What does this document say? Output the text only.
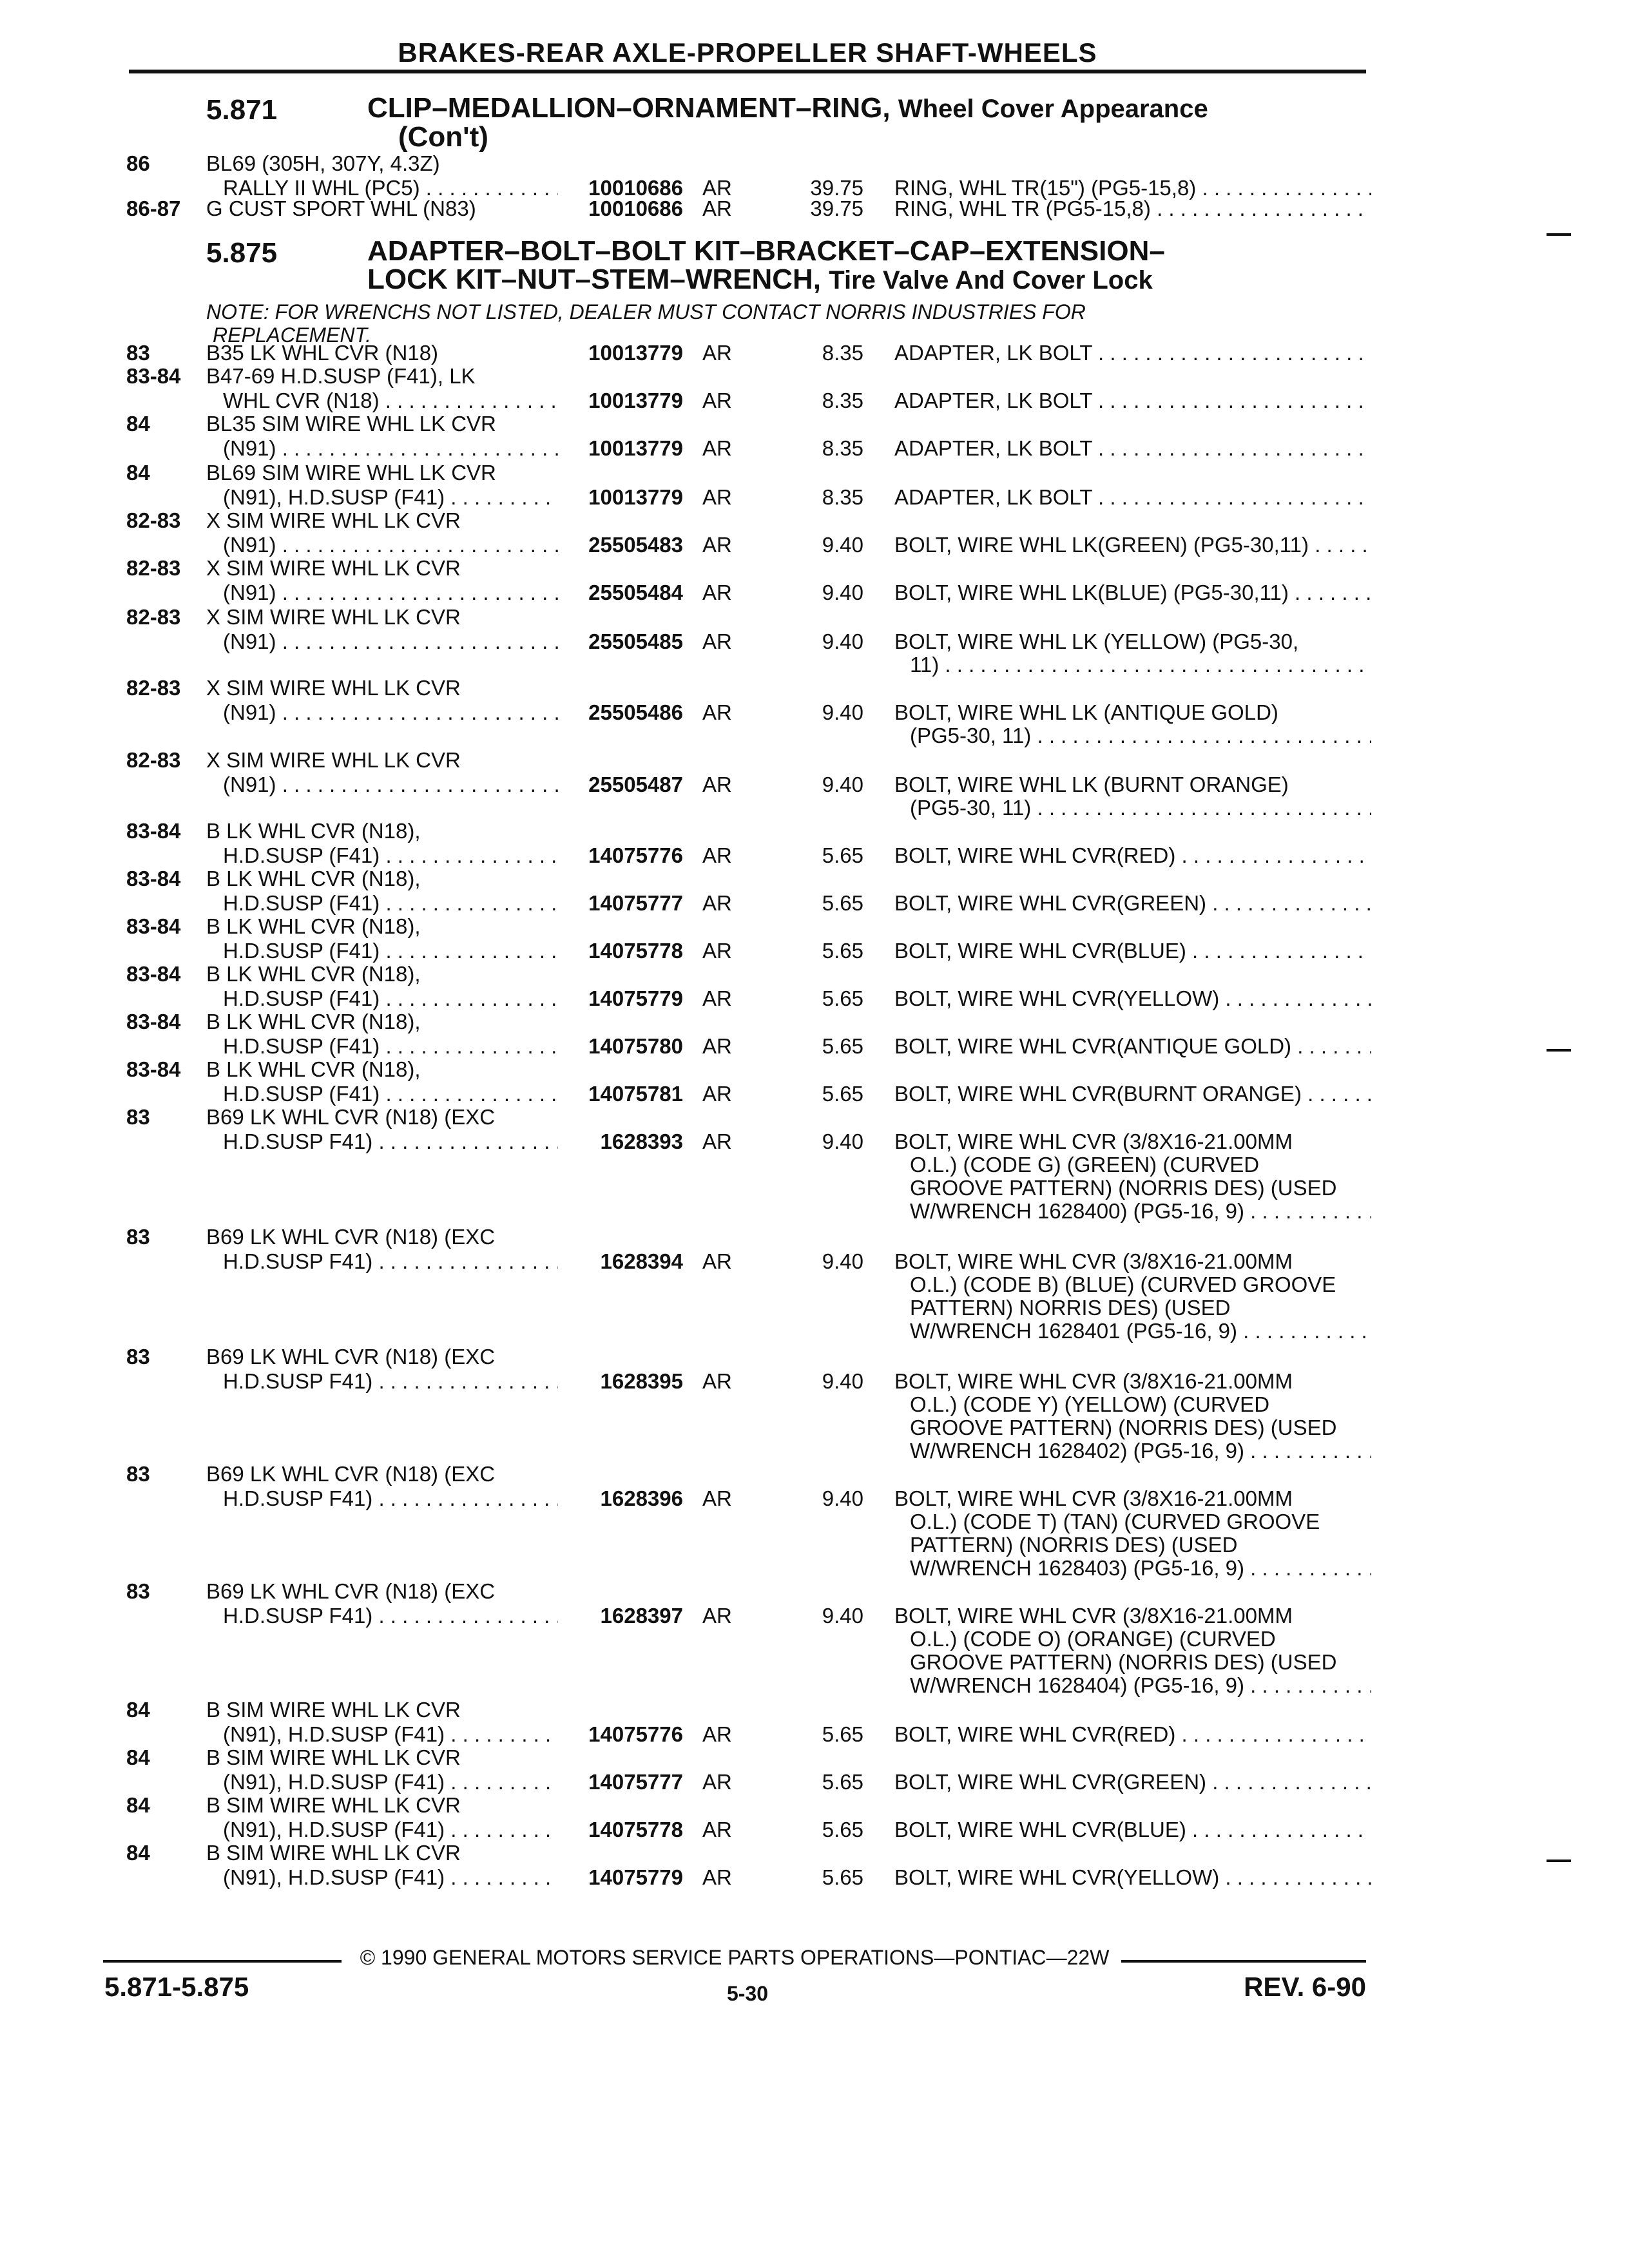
BRAKES-REAR AXLE-PROPELLER SHAFT-WHEELS
5.871	CLIP–MEDALLION–ORNAMENT–RING, Wheel Cover Appearance
(Con't)
5.875	ADAPTER–BOLT–BOLT KIT–BRACKET–CAP–EXTENSION–
LOCK KIT–NUT–STEM–WRENCH, Tire Valve And Cover Lock
NOTE: FOR WRENCHS NOT LISTED, DEALER MUST CONTACT NORRIS INDUSTRIES FOR
REPLACEMENT.
86	BL69 (305H, 307Y, 4.3Z)
RALLY II WHL (PC5) . . .	10010686 AR	39.75 RING, WHL TR(15") (PG5-15,8) . . .
86-87	G CUST SPORT WHL (N83)	10010686 AR	39.75 RING, WHL TR (PG5-15,8) . . .
83	B35 LK WHL CVR (N18)	10013779 AR	8.35 ADAPTER, LK BOLT . . .
83-84	B47-69 H.D.SUSP (F41), LK
WHL CVR (N18) . . .	10013779 AR	8.35 ADAPTER, LK BOLT . . .
84	BL35 SIM WIRE WHL LK CVR
(N91) . . .	10013779 AR	8.35 ADAPTER, LK BOLT . . .
84	BL69 SIM WIRE WHL LK CVR
(N91), H.D.SUSP (F41) . . .	10013779 AR	8.35 ADAPTER, LK BOLT . . .
82-83	X SIM WIRE WHL LK CVR
(N91) . . .	25505483 AR	9.40 BOLT, WIRE WHL LK(GREEN) (PG5-30,11) . . .
82-83	X SIM WIRE WHL LK CVR
(N91) . . .	25505484 AR	9.40 BOLT, WIRE WHL LK(BLUE) (PG5-30,11) . . .
82-83	X SIM WIRE WHL LK CVR
(N91) . . .	25505485 AR	9.40 BOLT, WIRE WHL LK (YELLOW) (PG5-30,
11) . . .
82-83	X SIM WIRE WHL LK CVR
(N91) . . .	25505486 AR	9.40 BOLT, WIRE WHL LK (ANTIQUE GOLD)
(PG5-30, 11) . . .
82-83	X SIM WIRE WHL LK CVR
(N91) . . .	25505487 AR	9.40 BOLT, WIRE WHL LK (BURNT ORANGE)
(PG5-30, 11) . . .
83-84	B LK WHL CVR (N18),
H.D.SUSP (F41) . . .	14075776 AR	5.65 BOLT, WIRE WHL CVR(RED) . . .
83-84	B LK WHL CVR (N18),
H.D.SUSP (F41) . . .	14075777 AR	5.65 BOLT, WIRE WHL CVR(GREEN) . . .
83-84	B LK WHL CVR (N18),
H.D.SUSP (F41) . . .	14075778 AR	5.65 BOLT, WIRE WHL CVR(BLUE) . . .
83-84	B LK WHL CVR (N18),
H.D.SUSP (F41) . . .	14075779 AR	5.65 BOLT, WIRE WHL CVR(YELLOW) . . .
83-84	B LK WHL CVR (N18),
H.D.SUSP (F41) . . .	14075780 AR	5.65 BOLT, WIRE WHL CVR(ANTIQUE GOLD) . . .
83-84	B LK WHL CVR (N18),
H.D.SUSP (F41) . . .	14075781 AR	5.65 BOLT, WIRE WHL CVR(BURNT ORANGE) . . .
83	B69 LK WHL CVR (N18) (EXC
H.D.SUSP F41) . . .	1628393 AR	9.40 BOLT, WIRE WHL CVR (3/8X16-21.00MM
O.L.) (CODE G) (GREEN) (CURVED
GROOVE PATTERN) (NORRIS DES) (USED
W/WRENCH 1628400) (PG5-16, 9) . . .
83	B69 LK WHL CVR (N18) (EXC
H.D.SUSP F41) . . .	1628394 AR	9.40 BOLT, WIRE WHL CVR (3/8X16-21.00MM
O.L.) (CODE B) (BLUE) (CURVED GROOVE
PATTERN) NORRIS DES) (USED
W/WRENCH 1628401 (PG5-16, 9) . . .
83	B69 LK WHL CVR (N18) (EXC
H.D.SUSP F41) . . .	1628395 AR	9.40 BOLT, WIRE WHL CVR (3/8X16-21.00MM
O.L.) (CODE Y) (YELLOW) (CURVED
GROOVE PATTERN) (NORRIS DES) (USED
W/WRENCH 1628402) (PG5-16, 9) . . .
83	B69 LK WHL CVR (N18) (EXC
H.D.SUSP F41) . . .	1628396 AR	9.40 BOLT, WIRE WHL CVR (3/8X16-21.00MM
O.L.) (CODE T) (TAN) (CURVED GROOVE
PATTERN) (NORRIS DES) (USED
W/WRENCH 1628403) (PG5-16, 9) . . .
83	B69 LK WHL CVR (N18) (EXC
H.D.SUSP F41) . . .	1628397 AR	9.40 BOLT, WIRE WHL CVR (3/8X16-21.00MM
O.L.) (CODE O) (ORANGE) (CURVED
GROOVE PATTERN) (NORRIS DES) (USED
W/WRENCH 1628404) (PG5-16, 9) . . .
84	B SIM WIRE WHL LK CVR
(N91), H.D.SUSP (F41) . . .	14075776 AR	5.65 BOLT, WIRE WHL CVR(RED) . . .
84	B SIM WIRE WHL LK CVR
(N91), H.D.SUSP (F41) . . .	14075777 AR	5.65 BOLT, WIRE WHL CVR(GREEN) . . .
84	B SIM WIRE WHL LK CVR
(N91), H.D.SUSP (F41) . . .	14075778 AR	5.65 BOLT, WIRE WHL CVR(BLUE) . . .
84	B SIM WIRE WHL LK CVR
(N91), H.D.SUSP (F41) . . .	14075779 AR	5.65 BOLT, WIRE WHL CVR(YELLOW) . . .
© 1990 GENERAL MOTORS SERVICE PARTS OPERATIONS—PONTIAC—22W
5.871-5.875	5-30	REV. 6-90
